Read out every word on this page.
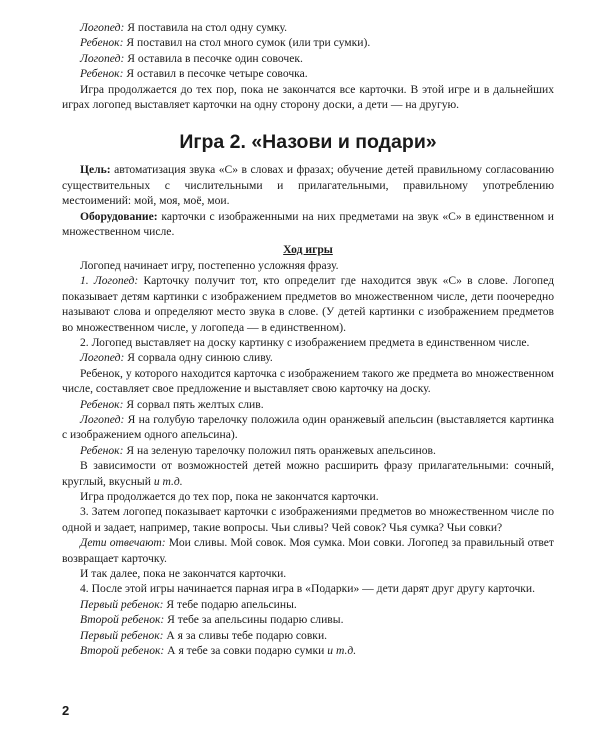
Логопед: Я поставила на стол одну сумку.

Ребенок: Я поставил на стол много сумок (или три сумки).

Логопед: Я оставила в песочке один совочек.

Ребенок: Я оставил в песочке четыре совочка.

Игра продолжается до тех пор, пока не закончатся все карточки. В этой игре и в дальнейших играх логопед выставляет карточки на одну сторону доски, а дети — на другую.

Игра 2. «Назови и подари»

Цель: автоматизация звука «С» в словах и фразах; обучение детей правильному согласованию существительных с числительными и прилагательными, правильному употреблению местоимений: мой, моя, моё, мои.

Оборудование: карточки с изображенными на них предметами на звук «С» в единственном и множественном числе.

Ход игры

Логопед начинает игру, постепенно усложняя фразу.

1. Логопед: Карточку получит тот, кто определит где находится звук «С» в слове. Логопед показывает детям картинки с изображением предметов во множественном числе, дети поочередно называют слова и определяют место звука в слове. (У детей картинки с изображением предметов во множественном числе, у логопеда — в единственном).

2. Логопед выставляет на доску картинку с изображением предмета в единственном числе.

Логопед: Я сорвала одну синюю сливу.

Ребенок, у которого находится карточка с изображением такого же предмета во множественном числе, составляет свое предложение и выставляет свою карточку на доску.

Ребенок: Я сорвал пять желтых слив.

Логопед: Я на голубую тарелочку положила один оранжевый апельсин (выставляется картинка с изображением одного апельсина).

Ребенок: Я на зеленую тарелочку положил пять оранжевых апельсинов.

В зависимости от возможностей детей можно расширить фразу прилагательными: сочный, круглый, вкусный и т.д.

Игра продолжается до тех пор, пока не закончатся карточки.

3. Затем логопед показывает карточки с изображениями предметов во множественном числе по одной и задает, например, такие вопросы. Чьи сливы? Чей совок? Чья сумка? Чьи совки?

Дети отвечают: Мои сливы. Мой совок. Моя сумка. Мои совки. Логопед за правильный ответ возвращает карточку.

И так далее, пока не закончатся карточки.

4. После этой игры начинается парная игра в «Подарки» — дети дарят друг другу карточки.

Первый ребенок: Я тебе подарю апельсины.

Второй ребенок: Я тебе за апельсины подарю сливы.

Первый ребенок: А я за сливы тебе подарю совки.

Второй ребенок: А я тебе за совки подарю сумки и т.д.

2
